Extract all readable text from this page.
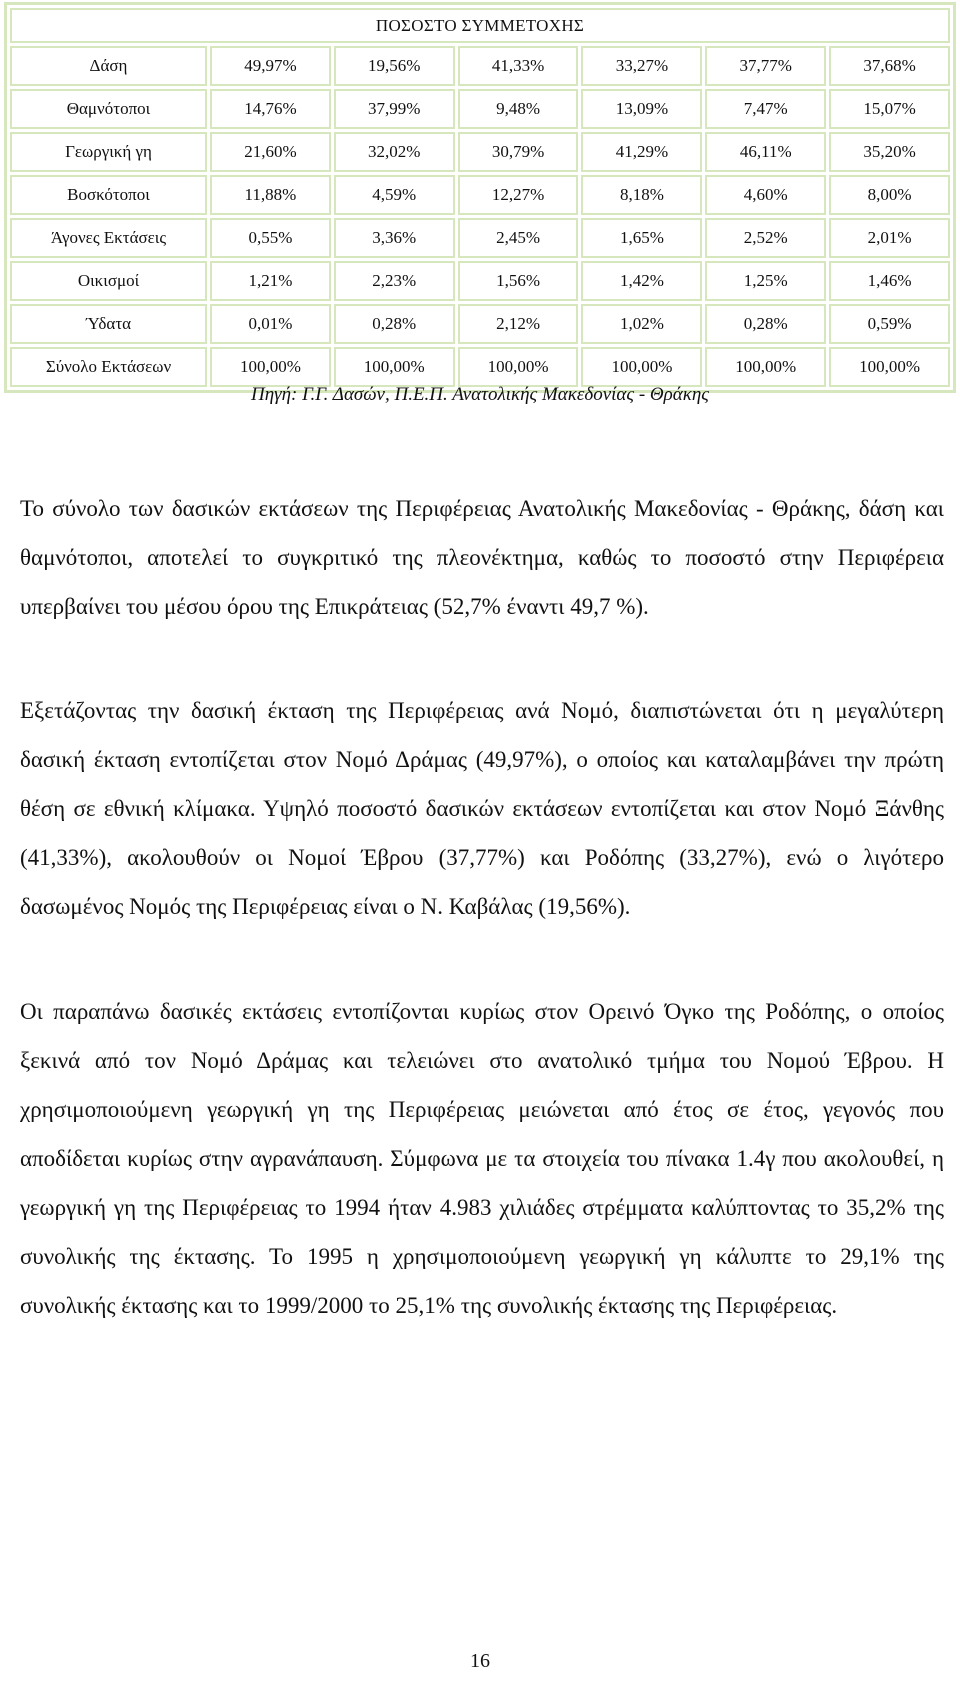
ΠΟΣΟΣΤΟ ΣΥΜΜΕΤΟΧΗΣ						
Δάση	49,97%	19,56%	41,33%	33,27%	37,77%	37,68%
Θαμνότοποι	14,76%	37,99%	9,48%	13,09%	7,47%	15,07%
Γεωργική γη	21,60%	32,02%	30,79%	41,29%	46,11%	35,20%
Βοσκότοποι	11,88%	4,59%	12,27%	8,18%	4,60%	8,00%
Άγονες Εκτάσεις	0,55%	3,36%	2,45%	1,65%	2,52%	2,01%
Οικισμοί	1,21%	2,23%	1,56%	1,42%	1,25%	1,46%
Ύδατα	0,01%	0,28%	2,12%	1,02%	0,28%	0,59%
Σύνολο Εκτάσεων	100,00%	100,00%	100,00%	100,00%	100,00%	100,00%
Πηγή: Γ.Γ. Δασών, Π.Ε.Π. Ανατολικής Μακεδονίας - Θράκης

Το σύνολο των δασικών εκτάσεων της Περιφέρειας Ανατολικής Μακεδονίας - Θράκης, δάση και θαμνότοποι, αποτελεί το συγκριτικό της πλεονέκτημα, καθώς το ποσοστό στην Περιφέρεια υπερβαίνει του μέσου όρου της Επικράτειας (52,7% έναντι 49,7 %).

Εξετάζοντας την δασική έκταση της Περιφέρειας ανά Νομό, διαπιστώνεται ότι η μεγαλύτερη δασική έκταση εντοπίζεται στον Νομό Δράμας (49,97%), ο οποίος και καταλαμβάνει την πρώτη θέση σε εθνική κλίμακα. Υψηλό ποσοστό δασικών εκτάσεων εντοπίζεται και στον Νομό Ξάνθης (41,33%), ακολουθούν οι Νομοί Έβρου (37,77%) και Ροδόπης (33,27%), ενώ ο λιγότερο δασωμένος Νομός της Περιφέρειας είναι ο Ν. Καβάλας (19,56%).

Οι παραπάνω δασικές εκτάσεις εντοπίζονται κυρίως στον Ορεινό Όγκο της Ροδόπης, ο οποίος ξεκινά από τον Νομό Δράμας και τελειώνει στο ανατολικό τμήμα του Νομού Έβρου. Η χρησιμοποιούμενη γεωργική γη της Περιφέρειας μειώνεται από έτος σε έτος, γεγονός που αποδίδεται κυρίως στην αγρανάπαυση. Σύμφωνα με τα στοιχεία του πίνακα 1.4γ που ακολουθεί, η γεωργική γη της Περιφέρειας το 1994 ήταν 4.983 χιλιάδες στρέμματα καλύπτοντας το 35,2% της συνολικής της έκτασης. Το 1995 η χρησιμοποιούμενη γεωργική γη κάλυπτε το 29,1% της συνολικής έκτασης και το 1999/2000 το 25,1% της συνολικής έκτασης της Περιφέρειας.

16
